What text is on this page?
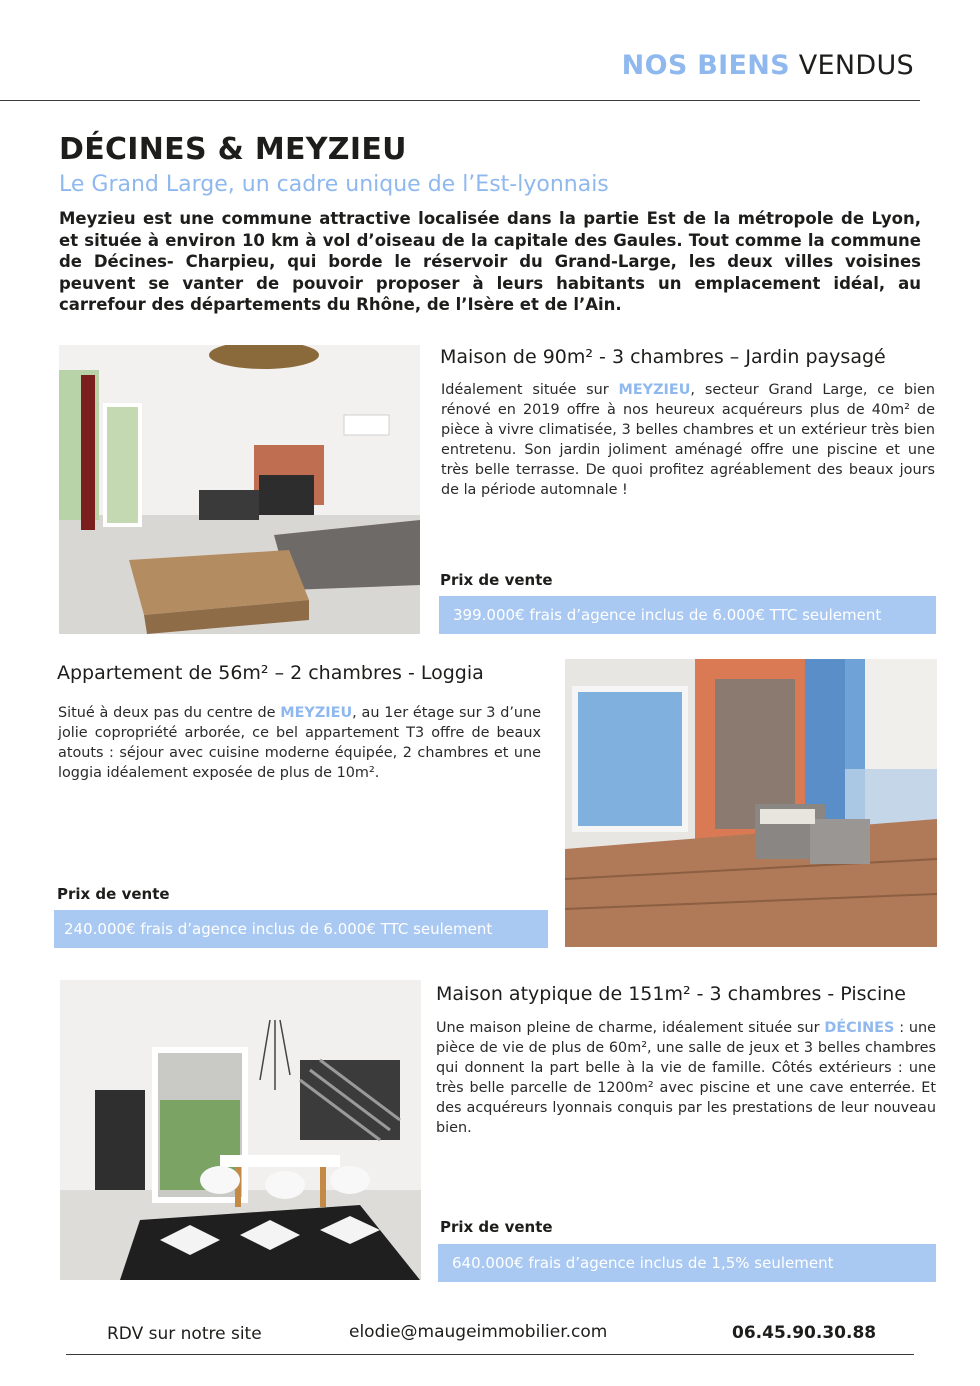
NOS BIENS VENDUS
DÉCINES & MEYZIEU
Le Grand Large, un cadre unique de l’Est-lyonnais
Meyzieu est une commune attractive localisée dans la partie Est de la métropole de Lyon, et située à environ 10 km à vol d’oiseau de la capitale des Gaules. Tout comme la commune de Décines- Charpieu, qui borde le réservoir du Grand-Large, les deux villes voisines peuvent se vanter de pouvoir proposer à leurs habitants un emplacement idéal, au carrefour des départements du Rhône, de l’Isère et de l’Ain.
Maison de 90m² - 3 chambres – Jardin paysagé
Idéalement située sur MEYZIEU, secteur Grand Large, ce bien rénové en 2019 offre à nos heureux acquéreurs plus de 40m² de pièce à vivre climatisée, 3 belles chambres et un extérieur très bien entretenu. Son jardin joliment aménagé offre une piscine et une très belle terrasse. De quoi profitez agréablement des beaux jours de la période automnale !
Prix de vente
399.000€ frais d’agence inclus de 6.000€ TTC seulement
Appartement de 56m² – 2 chambres - Loggia
Situé à deux pas du centre de MEYZIEU, au 1er étage sur 3 d’une jolie copropriété arborée, ce bel appartement T3 offre de beaux atouts : séjour avec cuisine moderne équipée, 2 chambres et une loggia idéalement exposée de plus de 10m².
Prix de vente
240.000€ frais d’agence inclus de 6.000€ TTC seulement
Maison atypique de 151m² - 3 chambres - Piscine
Une maison pleine de charme, idéalement située sur DÉCINES : une pièce de vie de plus de 60m², une salle de jeux et 3 belles chambres qui donnent la part belle à la vie de famille. Côtés extérieurs : une très belle parcelle de 1200m² avec piscine et une cave enterrée. Et des acquéreurs lyonnais conquis par les prestations de leur nouveau bien.
Prix de vente
640.000€ frais d’agence inclus de 1,5% seulement
RDV sur notre site	elodie@maugeimmobilier.com	06.45.90.30.88
